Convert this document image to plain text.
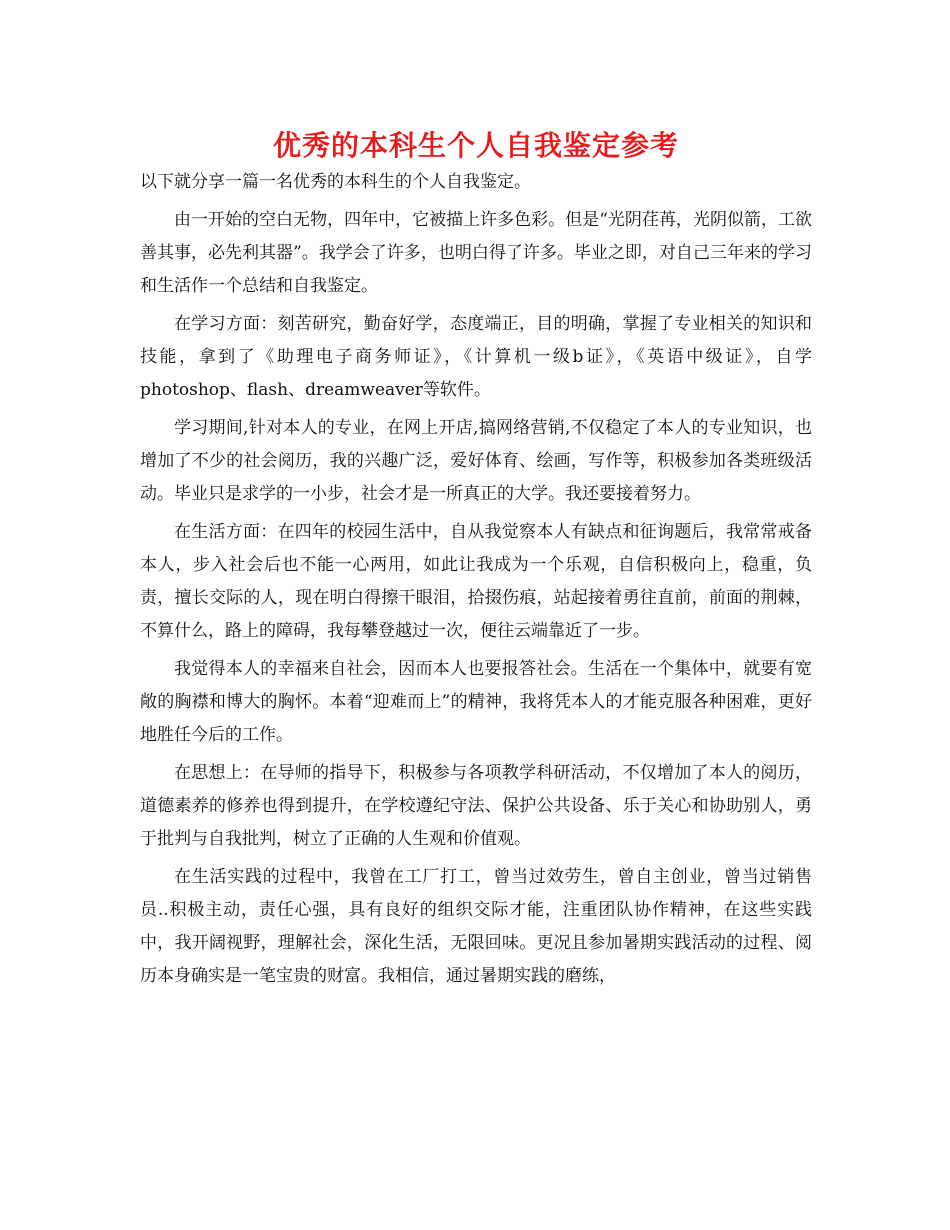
优秀的本科生个人自我鉴定参考

以下就分享一篇一名优秀的本科生的个人自我鉴定。

由一开始的空白无物，四年中，它被描上许多色彩。但是“光阴荏苒，光阴似箭，工欲善其事，必先利其器”。我学会了许多，也明白得了许多。毕业之即，对自己三年来的学习和生活作一个总结和自我鉴定。

在学习方面：刻苦研究，勤奋好学，态度端正，目的明确，掌握了专业相关的知识和技能，拿到了《助理电子商务师证》，《计算机一级b证》，《英语中级证》，自学photoshop、flash、dreamweaver等软件。

学习期间,针对本人的专业，在网上开店,搞网络营销,不仅稳定了本人的专业知识，也增加了不少的社会阅历，我的兴趣广泛，爱好体育、绘画，写作等，积极参加各类班级活动。毕业只是求学的一小步，社会才是一所真正的大学。我还要接着努力。

在生活方面：在四年的校园生活中，自从我觉察本人有缺点和征询题后，我常常戒备本人，步入社会后也不能一心两用，如此让我成为一个乐观，自信积极向上，稳重，负责，擅长交际的人，现在明白得擦干眼泪，拾掇伤痕，站起接着勇往直前，前面的荆棘，不算什么，路上的障碍，我每攀登越过一次，便往云端靠近了一步。

我觉得本人的幸福来自社会，因而本人也要报答社会。生活在一个集体中，就要有宽敞的胸襟和博大的胸怀。本着“迎难而上”的精神，我将凭本人的才能克服各种困难，更好地胜任今后的工作。

在思想上：在导师的指导下，积极参与各项教学科研活动，不仅增加了本人的阅历，道德素养的修养也得到提升，在学校遵纪守法、保护公共设备、乐于关心和协助别人，勇于批判与自我批判，树立了正确的人生观和价值观。

在生活实践的过程中，我曾在工厂打工，曾当过效劳生，曾自主创业，曾当过销售员..积极主动，责任心强，具有良好的组织交际才能，注重团队协作精神，在这些实践中，我开阔视野，理解社会，深化生活，无限回味。更况且参加暑期实践活动的过程、阅历本身确实是一笔宝贵的财富。我相信，通过暑期实践的磨练，
